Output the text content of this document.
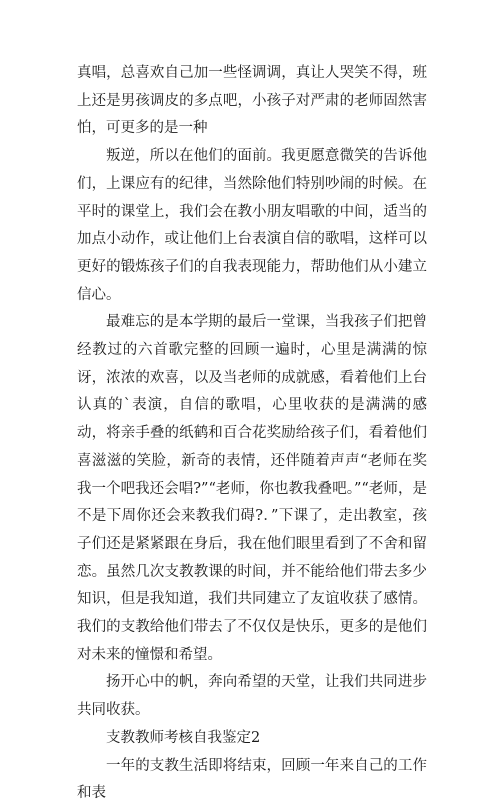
真唱，总喜欢自己加一些怪调调，真让人哭笑不得，班上还是男孩调皮的多点吧，小孩子对严肃的老师固然害怕，可更多的是一种

叛逆，所以在他们的面前。我更愿意微笑的告诉他们，上课应有的纪律，当然除他们特别吵闹的时候。在平时的课堂上，我们会在教小朋友唱歌的中间，适当的加点小动作，或让他们上台表演自信的歌唱，这样可以更好的锻炼孩子们的自我表现能力，帮助他们从小建立信心。

最难忘的是本学期的最后一堂课，当我孩子们把曾经教过的六首歌完整的回顾一遍时，心里是满满的惊讶，浓浓的欢喜，以及当老师的成就感，看着他们上台认真的`表演，自信的歌唱，心里收获的是满满的感动，将亲手叠的纸鹤和百合花奖励给孩子们，看着他们喜滋滋的笑脸，新奇的表情，还伴随着声声“老师在奖我一个吧我还会唱?”“老师，你也教我叠吧。”“老师，是不是下周你还会来教我们碍?．”下课了，走出教室，孩子们还是紧紧跟在身后，我在他们眼里看到了不舍和留恋。虽然几次支教教课的时间，并不能给他们带去多少知识，但是我知道，我们共同建立了友谊收获了感情。我们的支教给他们带去了不仅仅是快乐，更多的是他们对未来的憧憬和希望。

扬开心中的帆，奔向希望的天堂，让我们共同进步共同收获。

支教教师考核自我鉴定2

一年的支教生活即将结束，回顾一年来自己的工作和表
